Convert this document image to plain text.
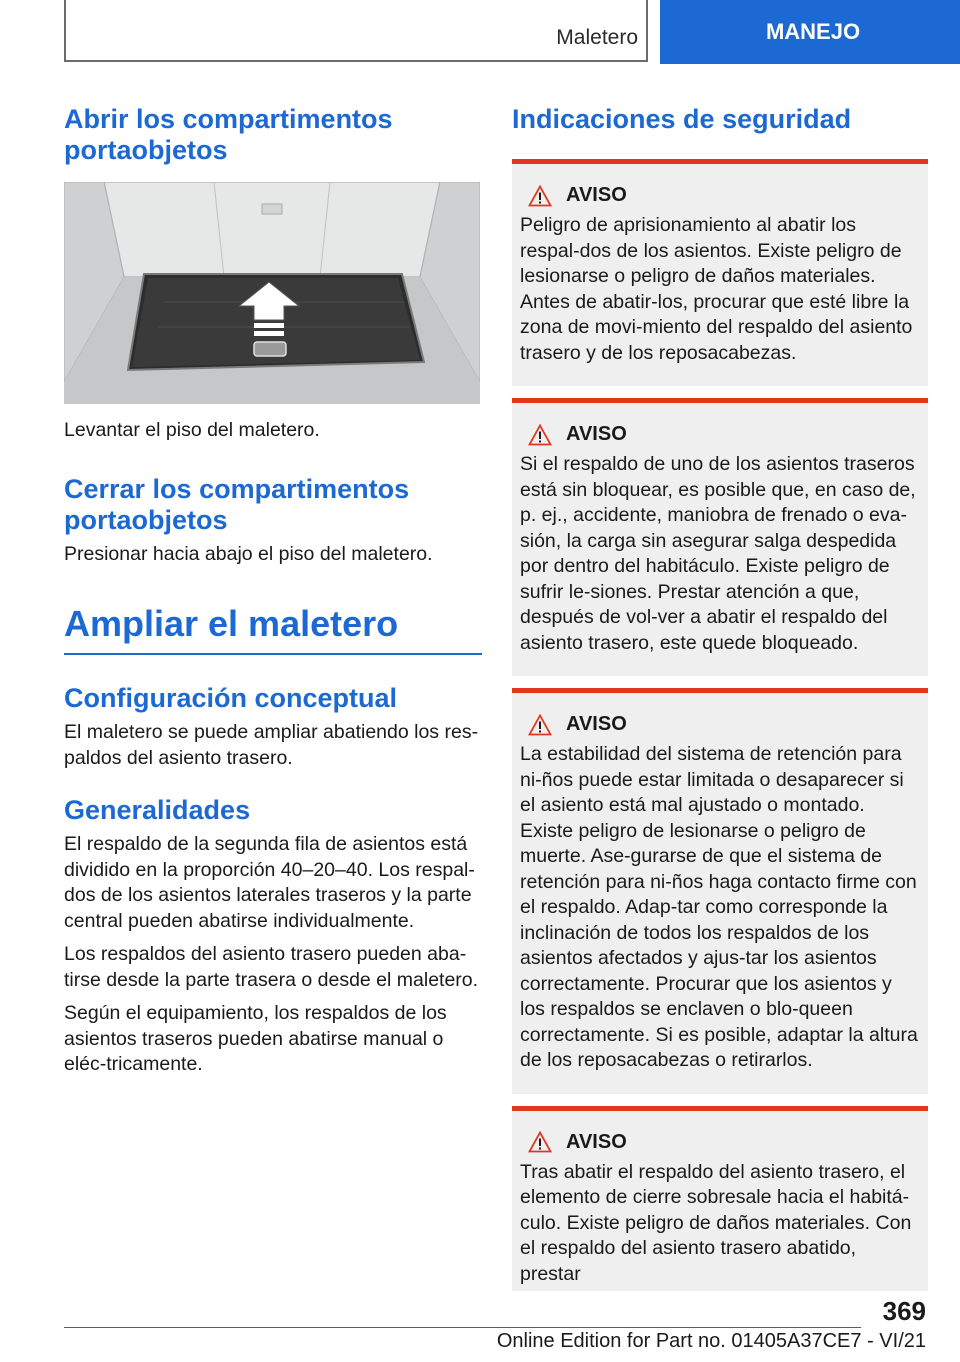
Maletero	MANEJO
Abrir los compartimentos portaobjetos

Levantar el piso del maletero.

Cerrar los compartimentos portaobjetos

Presionar hacia abajo el piso del maletero.

Ampliar el maletero
Configuración conceptual

El maletero se puede ampliar abatiendo los res-paldos del asiento trasero.

Generalidades

El respaldo de la segunda fila de asientos está dividido en la proporción 40–20–40. Los respal-dos de los asientos laterales traseros y la parte central pueden abatirse individualmente.

Los respaldos del asiento trasero pueden aba-tirse desde la parte trasera o desde el maletero.

Según el equipamiento, los respaldos de los asientos traseros pueden abatirse manual o eléc-tricamente.

Indicaciones de seguridad
AVISO
Peligro de aprisionamiento al abatir los respal-dos de los asientos. Existe peligro de lesionarse o peligro de daños materiales. Antes de abatir-los, procurar que esté libre la zona de movi-miento del respaldo del asiento trasero y de los reposacabezas.
AVISO
Si el respaldo de uno de los asientos traseros está sin bloquear, es posible que, en caso de, p. ej., accidente, maniobra de frenado o eva-sión, la carga sin asegurar salga despedida por dentro del habitáculo. Existe peligro de sufrir le-siones. Prestar atención a que, después de vol-ver a abatir el respaldo del asiento trasero, este quede bloqueado.
AVISO
La estabilidad del sistema de retención para ni-ños puede estar limitada o desaparecer si el asiento está mal ajustado o montado. Existe peligro de lesionarse o peligro de muerte. Ase-gurarse de que el sistema de retención para ni-ños haga contacto firme con el respaldo. Adap-tar como corresponde la inclinación de todos los respaldos de los asientos afectados y ajus-tar los asientos correctamente. Procurar que los asientos y los respaldos se enclaven o blo-queen correctamente. Si es posible, adaptar la altura de los reposacabezas o retirarlos.
AVISO
Tras abatir el respaldo del asiento trasero, el elemento de cierre sobresale hacia el habitá-culo. Existe peligro de daños materiales. Con el respaldo del asiento trasero abatido, prestar
369
Online Edition for Part no. 01405A37CE7 - VI/21
